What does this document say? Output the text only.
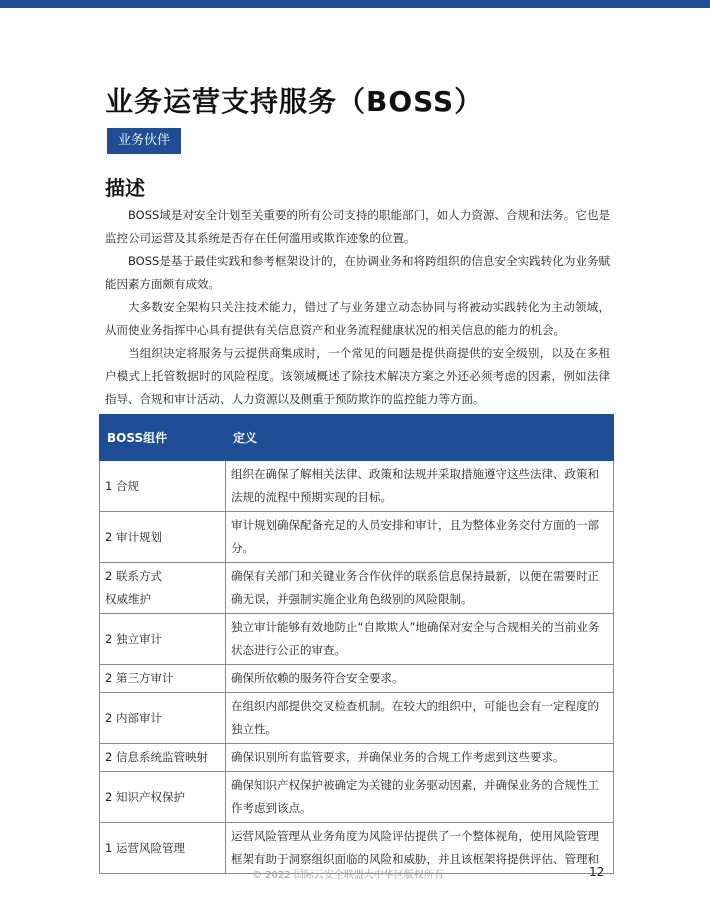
业务运营支持服务（BOSS）
业务伙伴
描述

BOSS域是对安全计划至关重要的所有公司支持的职能部门，如人力资源、合规和法务。它也是监控公司运营及其系统是否存在任何滥用或欺诈迹象的位置。

BOSS是基于最佳实践和参考框架设计的，在协调业务和将跨组织的信息安全实践转化为业务赋能因素方面颇有成效。

大多数安全架构只关注技术能力，错过了与业务建立动态协同与将被动实践转化为主动领域，从而使业务指挥中心具有提供有关信息资产和业务流程健康状况的相关信息的能力的机会。

当组织决定将服务与云提供商集成时，一个常见的问题是提供商提供的安全级别，以及在多租户模式上托管数据时的风险程度。该领域概述了除技术解决方案之外还必须考虑的因素，例如法律指导、合规和审计活动、人力资源以及侧重于预防欺诈的监控能力等方面。

BOSS组件	定义
1 合规	组织在确保了解相关法律、政策和法规并采取措施遵守这些法律、政策和法规的流程中预期实现的目标。
2 审计规划	审计规划确保配备充足的人员安排和审计，且为整体业务交付方面的一部分。
2 联系方式
权威维护	确保有关部门和关键业务合作伙伴的联系信息保持最新，以便在需要时正确无误，并强制实施企业角色级别的风险限制。
2 独立审计	独立审计能够有效地防止“自欺欺人”地确保对安全与合规相关的当前业务状态进行公正的审查。
2 第三方审计	确保所依赖的服务符合安全要求。
2 内部审计	在组织内部提供交叉检查机制。在较大的组织中，可能也会有一定程度的独立性。
2 信息系统监管映射	确保识别所有监管要求，并确保业务的合规工作考虑到这些要求。
2 知识产权保护	确保知识产权保护被确定为关键的业务驱动因素，并确保业务的合规性工作考虑到该点。
1 运营风险管理	运营风险管理从业务角度为风险评估提供了一个整体视角，使用风险管理框架有助于洞察组织面临的风险和威胁，并且该框架将提供评估、管理和
© 2022 国际云安全联盟大中华区版权所有	12
